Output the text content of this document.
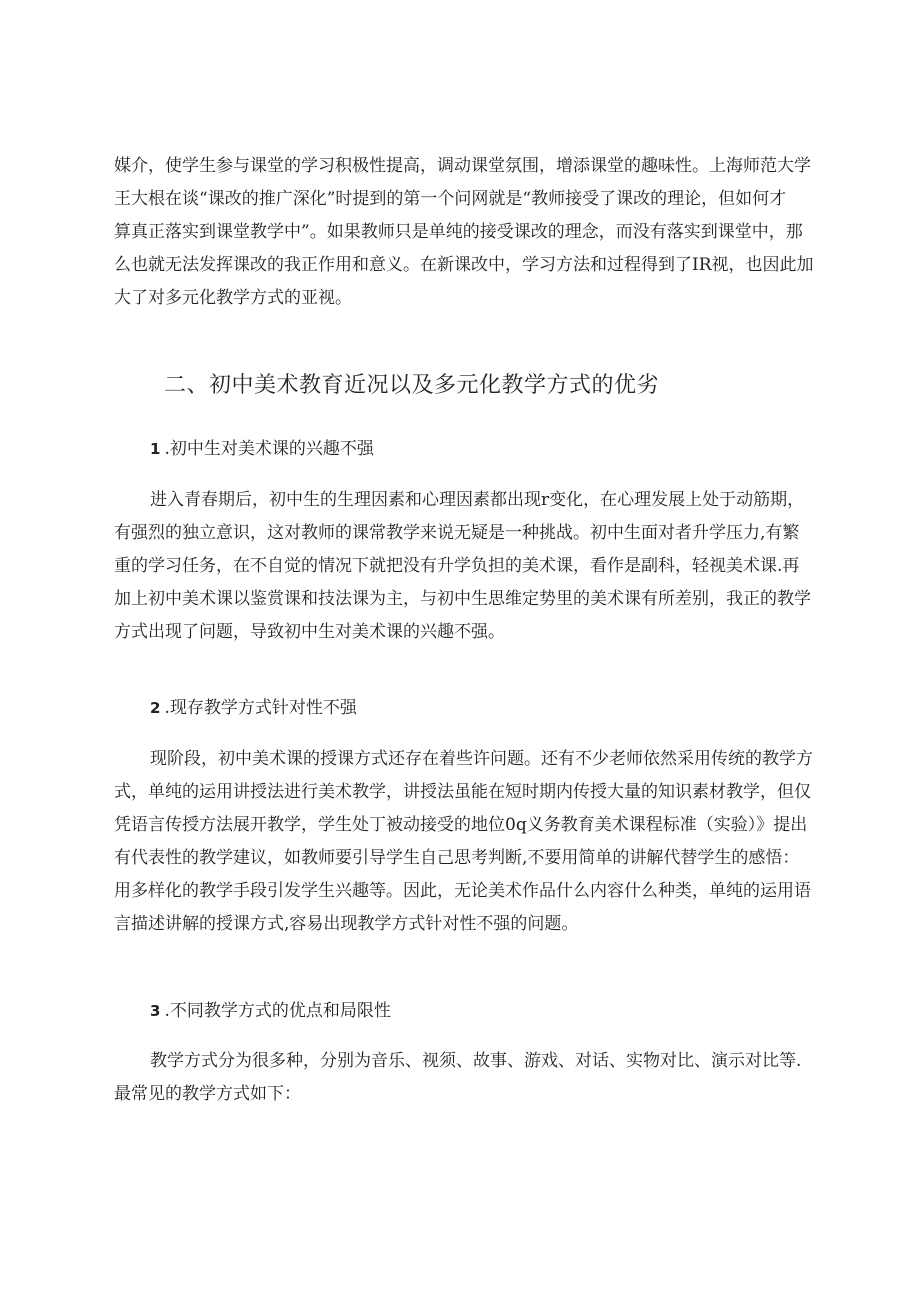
媒介，使学生参与课堂的学习积极性提高，调动课堂氛围，增添课堂的趣味性。上海师范大学
王大根在谈“课改的推广深化”时提到的第一个问网就是“教师接受了课改的理论，但如何才
算真正落实到课堂教学中”。如果教师只是单纯的接受课改的理念，而没有落实到课堂中，那
么也就无法发挥课改的我正作用和意义。在新课改中，学习方法和过程得到了IR视，也因此加
大了对多元化教学方式的亚视。

二、初中美术教育近况以及多元化教学方式的优劣
1 .初中生对美术课的兴趣不强

进入青春期后，初中生的生理因素和心理因素都出现r变化，在心理发展上处于动筋期，
有强烈的独立意识，这对教师的课常教学来说无疑是一种挑战。初中生面对者升学压力,有繁
重的学习任务，在不自觉的情况下就把没有升学负担的美术课，看作是副科，轻视美术课.再
加上初中美术课以鉴赏课和技法课为主，与初中生思维定势里的美术课有所差别，我正的教学
方式出现了问题，导致初中生对美术课的兴趣不强。

2 .现存教学方式针对性不强

现阶段，初中美术课的授课方式还存在着些许问题。还有不少老师依然采用传统的教学方
式，单纯的运用讲授法进行美术教学，讲授法虽能在短时期内传授大量的知识素材教学，但仅
凭语言传授方法展开教学，学生处丁被动接受的地位0q义务教育美术课程标准（实验）》提出
有代表性的教学建议，如教师要引导学生自己思考判断,不要用简单的讲解代替学生的感悟：
用多样化的教学手段引发学生兴趣等。因此，无论美术作品什么内容什么种类，单纯的运用语
言描述讲解的授课方式,容易出现教学方式针对性不强的问题。

3 .不同教学方式的优点和局限性

教学方式分为很多种，分别为音乐、视须、故事、游戏、对话、实物对比、演示对比等.
最常见的教学方式如下：
